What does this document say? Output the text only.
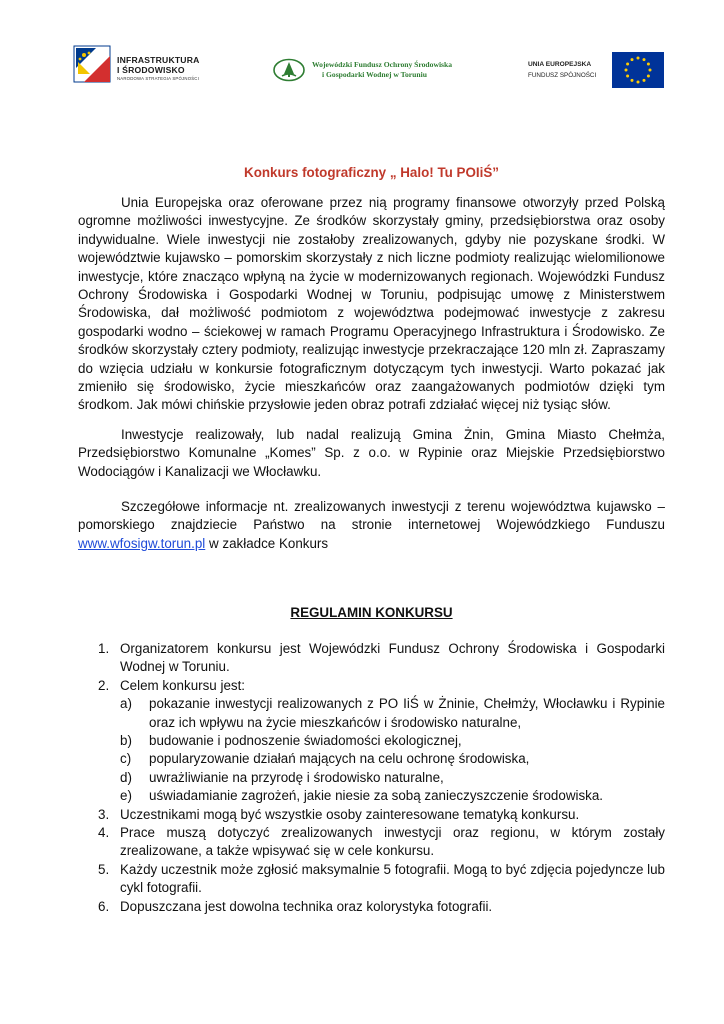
INFRASTRUKTURA
I ŚRODOWISKO
NARODOWA STRATEGIA SPÓJNOŚCI
Wojewódzki Fundusz Ochrony Środowiska
i Gospodarki Wodnej w Toruniu
UNIA EUROPEJSKA
FUNDUSZ SPÓJNOŚCI
Konkurs fotograficzny „ Halo! Tu POIiŚ”
Unia Europejska oraz oferowane przez nią programy finansowe otworzyły przed Polską ogromne możliwości inwestycyjne. Ze środków skorzystały gminy, przedsiębiorstwa oraz osoby indywidualne. Wiele inwestycji nie zostałoby zrealizowanych, gdyby nie pozyskane środki. W województwie kujawsko – pomorskim skorzystały z nich liczne podmioty realizując wielomilionowe inwestycje, które znacząco wpłyną na życie w modernizowanych regionach. Wojewódzki Fundusz Ochrony Środowiska i Gospodarki Wodnej w Toruniu, podpisując umowę z Ministerstwem Środowiska, dał możliwość podmiotom z województwa podejmować inwestycje z zakresu gospodarki wodno – ściekowej w ramach Programu Operacyjnego Infrastruktura i Środowisko. Ze środków skorzystały cztery podmioty, realizując inwestycje przekraczające 120 mln zł. Zapraszamy do wzięcia udziału w konkursie fotograficznym dotyczącym tych inwestycji. Warto pokazać jak zmieniło się środowisko, życie mieszkańców oraz zaangażowanych podmiotów dzięki tym środkom. Jak mówi chińskie przysłowie jeden obraz potrafi zdziałać więcej niż tysiąc słów.
Inwestycje realizowały, lub nadal realizują Gmina Żnin, Gmina Miasto Chełmża, Przedsiębiorstwo Komunalne „Komes” Sp. z o.o. w Rypinie oraz Miejskie Przedsiębiorstwo Wodociągów i Kanalizacji we Włocławku.
Szczegółowe informacje nt. zrealizowanych inwestycji z terenu województwa kujawsko – pomorskiego znajdziecie Państwo na stronie internetowej Wojewódzkiego Funduszu www.wfosigw.torun.pl w zakładce Konkurs
REGULAMIN KONKURSU
1. Organizatorem konkursu jest Wojewódzki Fundusz Ochrony Środowiska i Gospodarki Wodnej w Toruniu.
2. Celem konkursu jest:
a) pokazanie inwestycji realizowanych z PO IiŚ w Żninie, Chełmży, Włocławku i Rypinie oraz ich wpływu na życie mieszkańców i środowisko naturalne,
b) budowanie i podnoszenie świadomości ekologicznej,
c) popularyzowanie działań mających na celu ochronę środowiska,
d) uwrażliwianie na przyrodę i środowisko naturalne,
e) uświadamianie zagrożeń, jakie niesie za sobą zanieczyszczenie środowiska.
3. Uczestnikami mogą być wszystkie osoby zainteresowane tematyką konkursu.
4. Prace muszą dotyczyć zrealizowanych inwestycji oraz regionu, w którym zostały zrealizowane, a także wpisywać się w cele konkursu.
5. Każdy uczestnik może zgłosić maksymalnie 5 fotografii. Mogą to być zdjęcia pojedyncze lub cykl fotografii.
6. Dopuszczana jest dowolna technika oraz kolorystyka fotografii.
